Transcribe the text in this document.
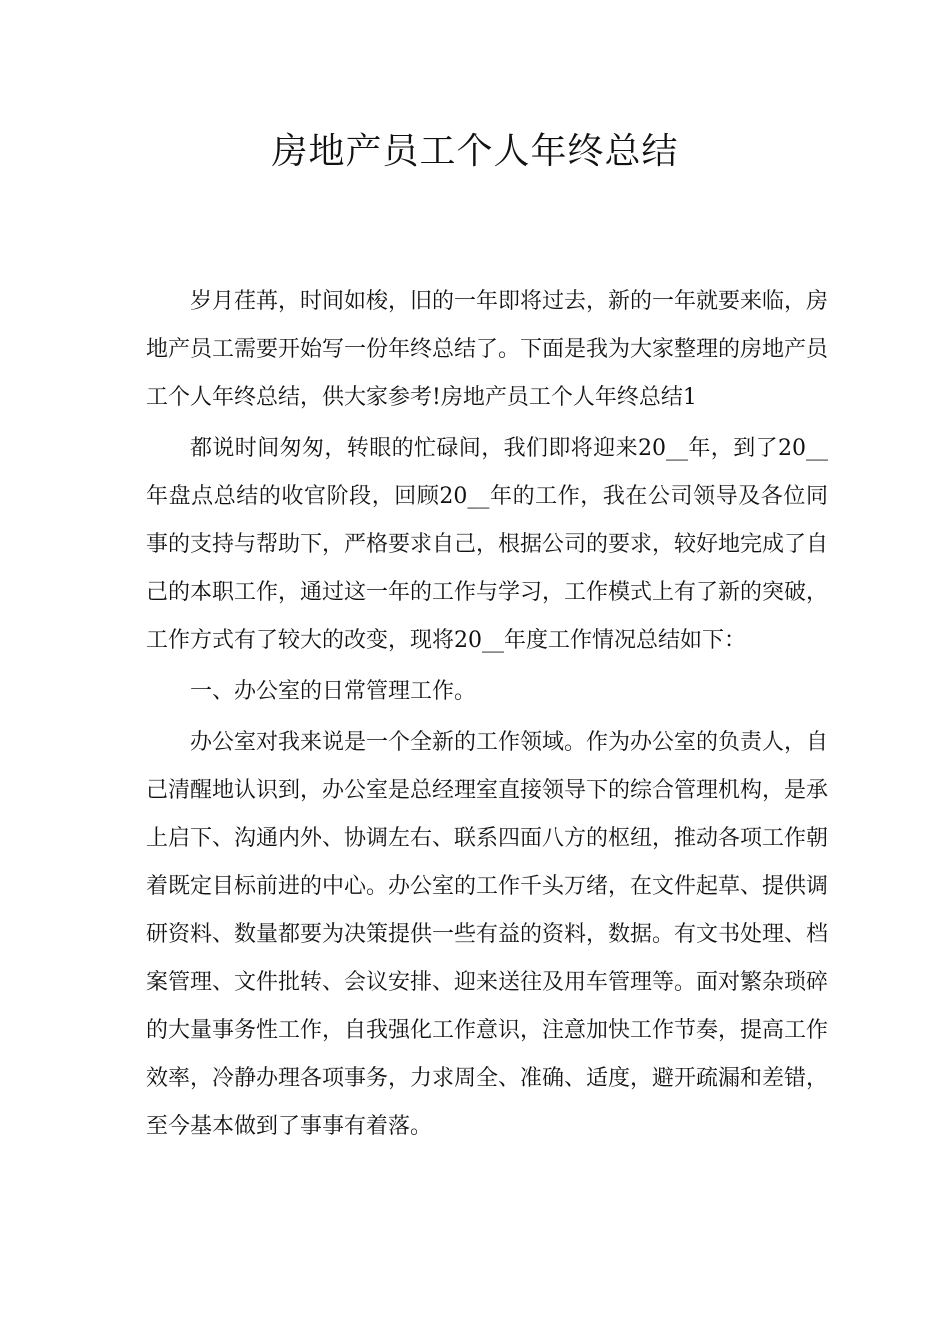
房地产员工个人年终总结

岁月荏苒，时间如梭，旧的一年即将过去，新的一年就要来临，房地产员工需要开始写一份年终总结了。下面是我为大家整理的房地产员工个人年终总结，供大家参考!房地产员工个人年终总结1

都说时间匆匆，转眼的忙碌间，我们即将迎来20__年，到了20__年盘点总结的收官阶段，回顾20__年的工作，我在公司领导及各位同事的支持与帮助下，严格要求自己，根据公司的要求，较好地完成了自己的本职工作，通过这一年的工作与学习，工作模式上有了新的突破，工作方式有了较大的改变，现将20__年度工作情况总结如下：

一、办公室的日常管理工作。

办公室对我来说是一个全新的工作领域。作为办公室的负责人，自己清醒地认识到，办公室是总经理室直接领导下的综合管理机构，是承上启下、沟通内外、协调左右、联系四面八方的枢纽，推动各项工作朝着既定目标前进的中心。办公室的工作千头万绪，在文件起草、提供调研资料、数量都要为决策提供一些有益的资料，数据。有文书处理、档案管理、文件批转、会议安排、迎来送往及用车管理等。面对繁杂琐碎的大量事务性工作，自我强化工作意识，注意加快工作节奏，提高工作效率，冷静办理各项事务，力求周全、准确、适度，避开疏漏和差错，至今基本做到了事事有着落。
